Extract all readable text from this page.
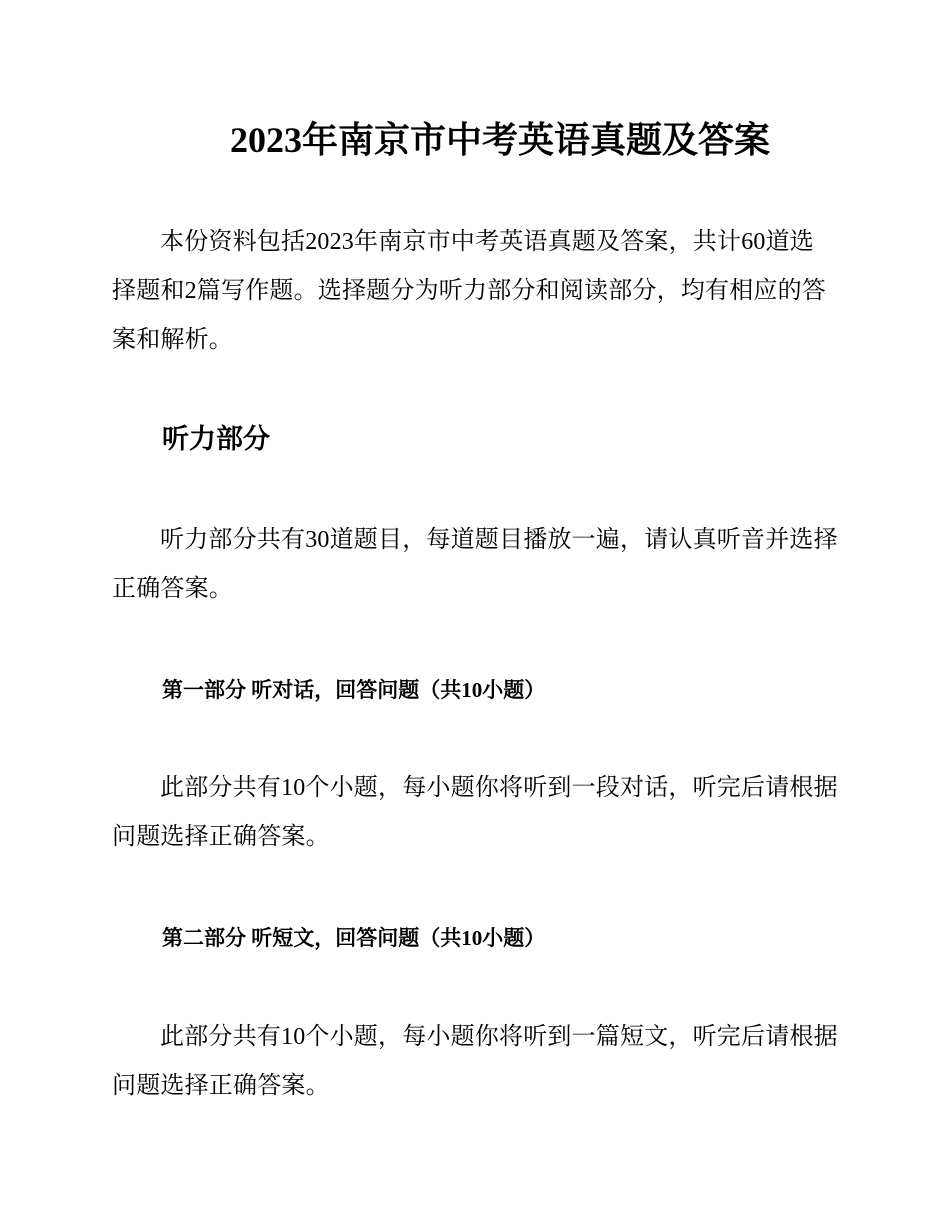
2023年南京市中考英语真题及答案

本份资料包括2023年南京市中考英语真题及答案，共计60道选择题和2篇写作题。选择题分为听力部分和阅读部分，均有相应的答案和解析。

听力部分

听力部分共有30道题目，每道题目播放一遍，请认真听音并选择正确答案。

第一部分 听对话，回答问题（共10小题）

此部分共有10个小题，每小题你将听到一段对话，听完后请根据问题选择正确答案。

第二部分 听短文，回答问题（共10小题）

此部分共有10个小题，每小题你将听到一篇短文，听完后请根据问题选择正确答案。
